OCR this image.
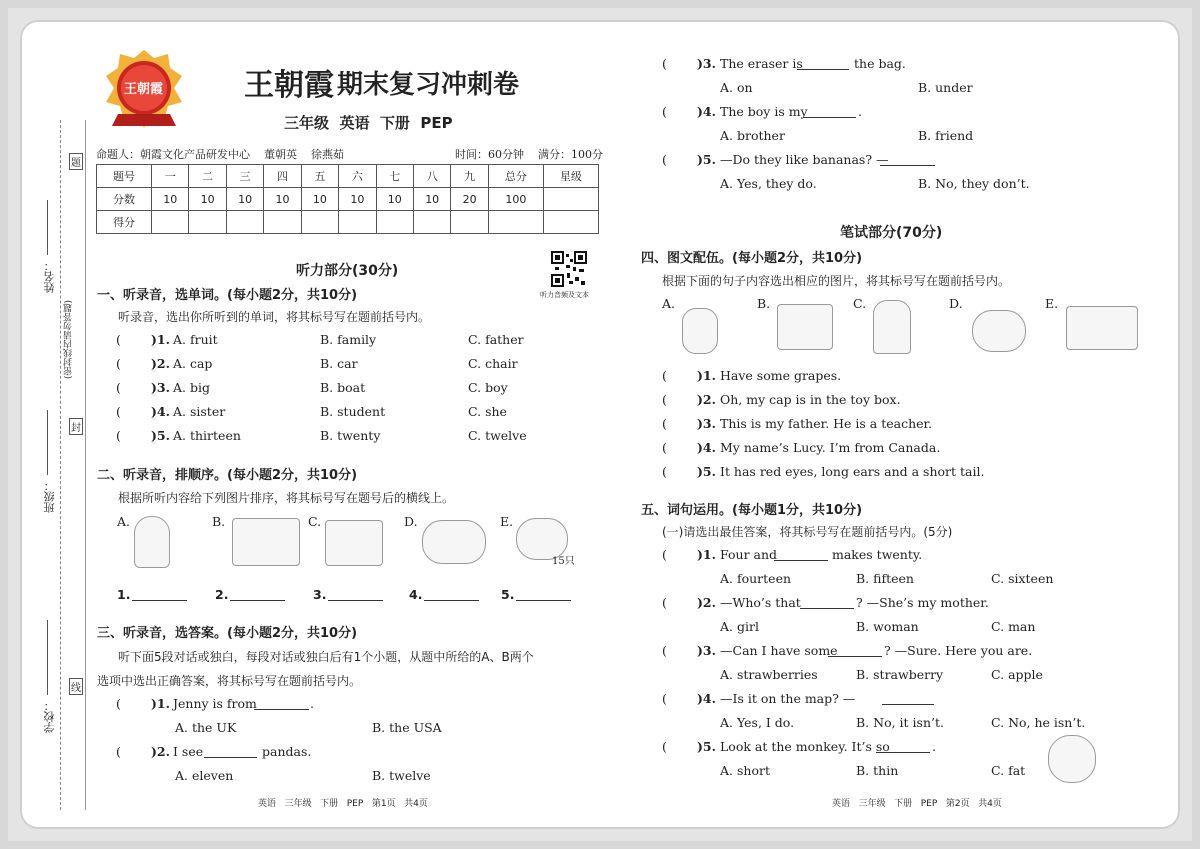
姓名：
班级：
学校：
(密封线内请勿答题)
题
封
线
王朝霞	王朝霞 期末复习冲刺卷
三年级  英语  下册  PEP
命题人：朝霞文化产品研发中心    董朝英    徐燕茹	时间：60分钟    满分：100分
题号	一	二	三	四	五	六	七	八	九	总分	星级
分数	10	10	10	10	10	10	10	10	20	100	
得分											
听力部分(30分)
听力音频及文本
一、听录音，选单词。(每小题2分，共10分)
听录音，选出你所听到的单词，将其标号写在题前括号内。
( )1. A. fruit	B. family	C. father
( )2. A. cap	B. car	C. chair
( )3. A. big	B. boat	C. boy
( )4. A. sister	B. student	C. she
( )5. A. thirteen	B. twenty	C. twelve
二、听录音，排顺序。(每小题2分，共10分)
根据所听内容给下列图片排序，将其标号写在题号后的横线上。
A.	B.	C.	D.	E.
15只
1.	2.	3.	4.	5.
三、听录音，选答案。(每小题2分，共10分)
听下面5段对话或独白，每段对话或独白后有1个小题，从题中所给的A、B两个
选项中选出正确答案，将其标号写在题前括号内。
( )1. Jenny is from	.
A. the UK	B. the USA
( )2. I see	pandas.
A. eleven	B. twelve
英语   三年级   下册   PEP   第1页   共4页
( )3. The eraser is	the bag.
A. on	B. under
( )4. The boy is my	.
A. brother	B. friend
( )5. —Do they like bananas? —
A. Yes, they do.	B. No, they don’t.
笔试部分(70分)
四、图文配伍。(每小题2分，共10分)
根据下面的句子内容选出相应的图片，将其标号写在题前括号内。
A.	B.	C.	D.	E.
( )1. Have some grapes.
( )2. Oh, my cap is in the toy box.
( )3. This is my father. He is a teacher.
( )4. My name’s Lucy. I’m from Canada.
( )5. It has red eyes, long ears and a short tail.
五、词句运用。(每小题1分，共10分)
(一)请选出最佳答案，将其标号写在题前括号内。(5分)
( )1. Four and	makes twenty.
A. fourteen	B. fifteen	C. sixteen
( )2. —Who’s that	? —She’s my mother.
A. girl	B. woman	C. man
( )3. —Can I have some	? —Sure. Here you are.
A. strawberries	B. strawberry	C. apple
( )4. —Is it on the map? —
A. Yes, I do.	B. No, it isn’t.	C. No, he isn’t.
( )5. Look at the monkey. It’s so	.
A. short	B. thin	C. fat
英语   三年级   下册   PEP   第2页   共4页
